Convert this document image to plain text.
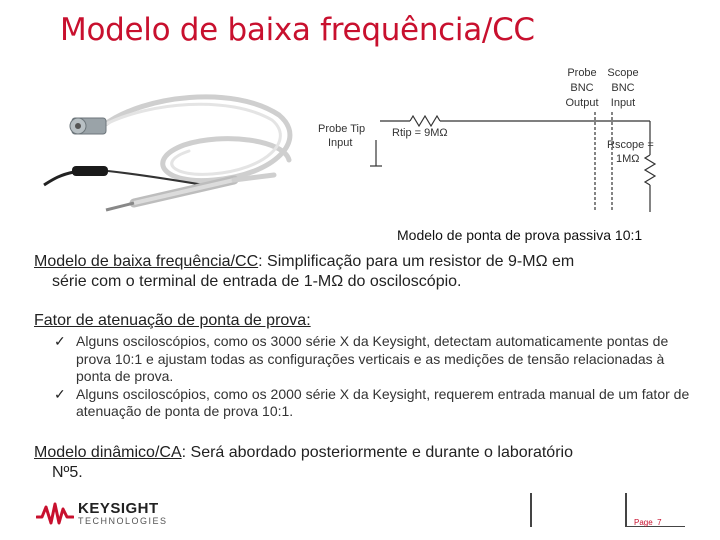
Modelo de baixa frequência/CC
Probe
BNC
Output
Scope
BNC
Input
Probe Tip
Input
Rtip = 9MΩ
Rscope =
1MΩ
Modelo de ponta de prova passiva 10:1
Modelo de baixa frequência/CC: Simplificação para um resistor de 9-MΩ em
série com o terminal de entrada de 1-MΩ do osciloscópio.
Fator de atenuação de ponta de prova:
✓ Alguns osciloscópios, como os 3000 série X da Keysight, detectam automaticamente pontas de prova 10:1 e ajustam todas as configurações verticais e as medições de tensão relacionadas à ponta de prova.
✓ Alguns osciloscópios, como os 2000 série X da Keysight, requerem entrada manual de um fator de atenuação de ponta de prova 10:1.
Modelo dinâmico/CA: Será abordado posteriormente e durante o laboratório
Nº5.
KEYSIGHT
TECHNOLOGIES	Page 7
